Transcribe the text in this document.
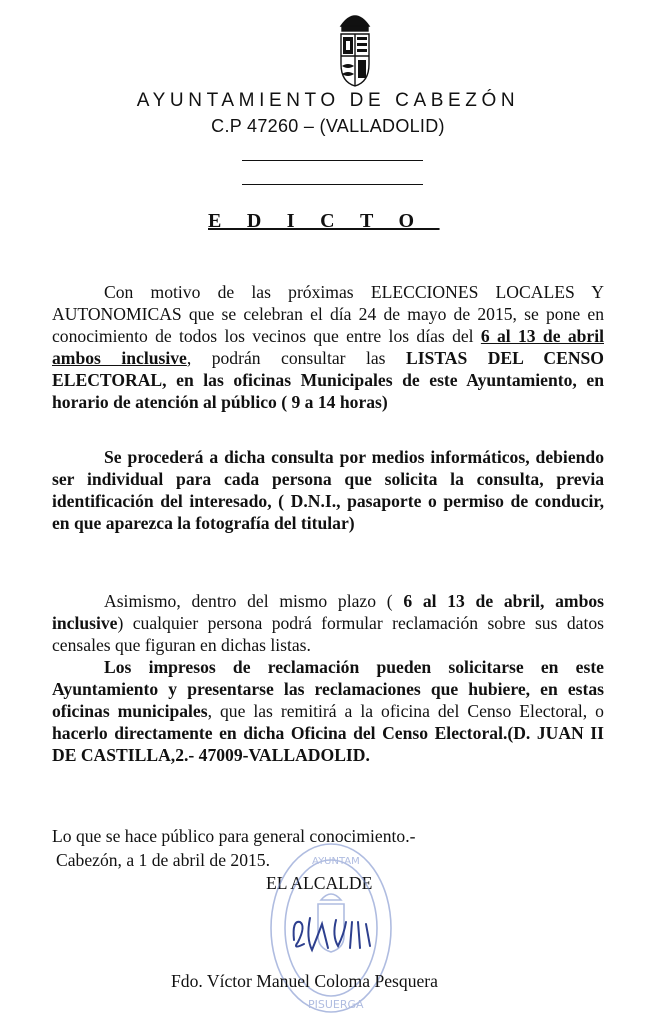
AYUNTAMIENTO DE CABEZÓN
C.P 47260 – (VALLADOLID)
EDICTO

Con motivo de las próximas ELECCIONES LOCALES Y AUTONOMICAS que se celebran el día 24 de mayo de 2015, se pone en conocimiento de todos los vecinos que entre los días del 6 al 13 de abril ambos inclusive, podrán consultar las LISTAS DEL CENSO ELECTORAL, en las oficinas Municipales de este Ayuntamiento, en horario de atención al público ( 9 a 14 horas)

Se procederá a dicha consulta por medios informáticos, debiendo ser individual para cada persona que solicita la consulta, previa identificación del interesado, ( D.N.I., pasaporte o permiso de conducir, en que aparezca la fotografía del titular)

Asimismo, dentro del mismo plazo ( 6 al 13 de abril, ambos inclusive) cualquier persona podrá formular reclamación sobre sus datos censales que figuran en dichas listas.

Los impresos de reclamación pueden solicitarse en este Ayuntamiento y presentarse las reclamaciones que hubiere, en estas oficinas municipales, que las remitirá a la oficina del Censo Electoral, o hacerlo directamente en dicha Oficina del Censo Electoral.(D. JUAN II DE CASTILLA,2.- 47009-VALLADOLID.

Lo que se hace público para general conocimiento.-
Cabezón, a 1 de abril de 2015.
EL ALCALDE
AYUNTAM
PISUERGA
Fdo. Víctor Manuel Coloma Pesquera
